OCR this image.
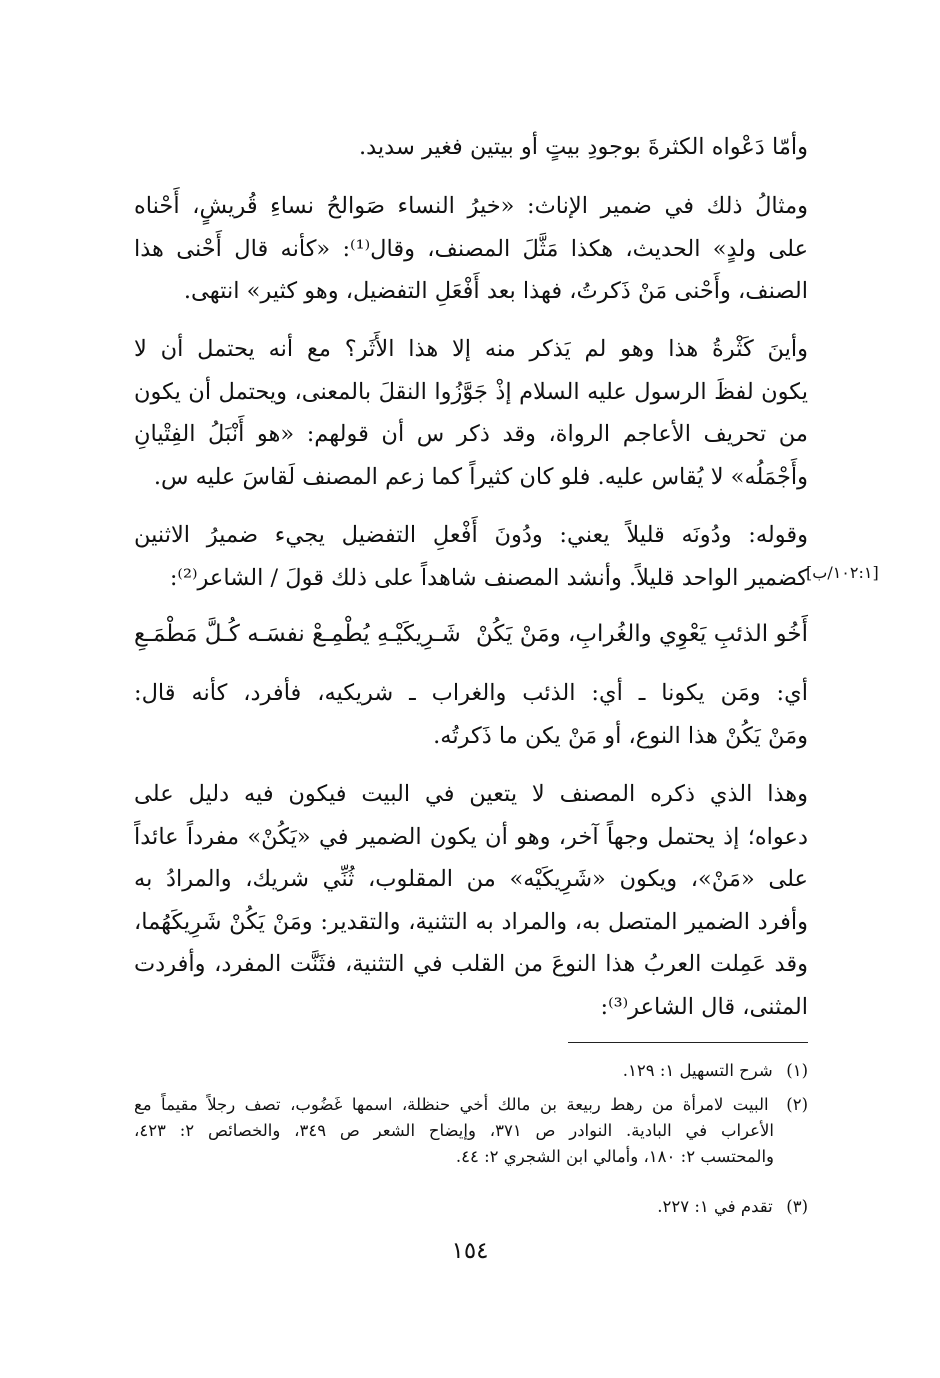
وأمّا دَعْواه الكثرةَ بوجودِ بيتٍ أو بيتين فغير سديد.
ومثالُ ذلك في ضمير الإناث: «خيرُ النساء صَوالحُ نساءِ قُريشٍ، أَحْناه
على ولدٍ» الحديث، هكذا مَثَّلَ المصنف، وقال⁽¹⁾: «كأنه قال أَحْنى هذا
الصنف، وأَحْنى مَنْ ذَكرتُ، فهذا بعد أَفْعَلِ التفضيل، وهو كثير» انتهى.
وأينَ كَثْرةُ هذا وهو لم يَذكر منه إلا هذا الأَثَر؟ مع أنه يحتمل أن لا
يكون لفظَ الرسول عليه السلام إذْ جَوَّزُوا النقلَ بالمعنى، ويحتمل أن يكون
من تحريف الأعاجم الرواة، وقد ذكر س أن قولهم: «هو أَنْبَلُ الفِتْيانِ
وأَجْمَلُه» لا يُقاس عليه. فلو كان كثيراً كما زعم المصنف لَقاسَ عليه س.
وقوله: ودُونَه قليلاً يعني: ودُونَ أَفْعلِ التفضيل يجيء ضميرُ الاثنين
كضمير الواحد قليلاً. وأنشد المصنف شاهداً على ذلك قولَ / الشاعر⁽²⁾:
[١٠٢:١/ب]
أَخُو الذئبِ يَعْوِي والغُرابِ، ومَنْ يَكُنْ
شَـرِيكَيْـهِ يُطْمِـعْ نفسَـه كُـلَّ مَطْمَـعِ
أي: ومَن يكونا ـ أي: الذئب والغراب ـ شريكيه، فأفرد، كأنه قال:
ومَنْ يَكُنْ هذا النوع، أو مَنْ يكن ما ذَكرتُه.
وهذا الذي ذكره المصنف لا يتعين في البيت فيكون فيه دليل على
دعواه؛ إذ يحتمل وجهاً آخر، وهو أن يكون الضمير في «يَكُنْ» مفرداً عائداً
على «مَنْ»، ويكون «شَرِيكَيْه» من المقلوب، ثُنِّي شريك، والمرادُ به
وأفرد الضمير المتصل به، والمراد به التثنية، والتقدير: ومَنْ يَكُنْ شَرِيكَهُما،
وقد عَمِلت العربُ هذا النوعَ من القلب في التثنية، فثَنَّت المفرد، وأفردت
المثنى، قال الشاعر⁽³⁾:
(١) شرح التسهيل ١: ١٢٩.
(٢) البيت لامرأة من رهط ربيعة بن مالك أخي حنظلة، اسمها غَضُوب، تصف رجلاً مقيماً مع
الأعراب في البادية. النوادر ص ٣٧١، وإيضاح الشعر ص ٣٤٩، والخصائص ٢: ٤٢٣،
والمحتسب ٢: ١٨٠، وأمالي ابن الشجري ٢: ٤٤.
(٣) تقدم في ١: ٢٢٧.
١٥٤
